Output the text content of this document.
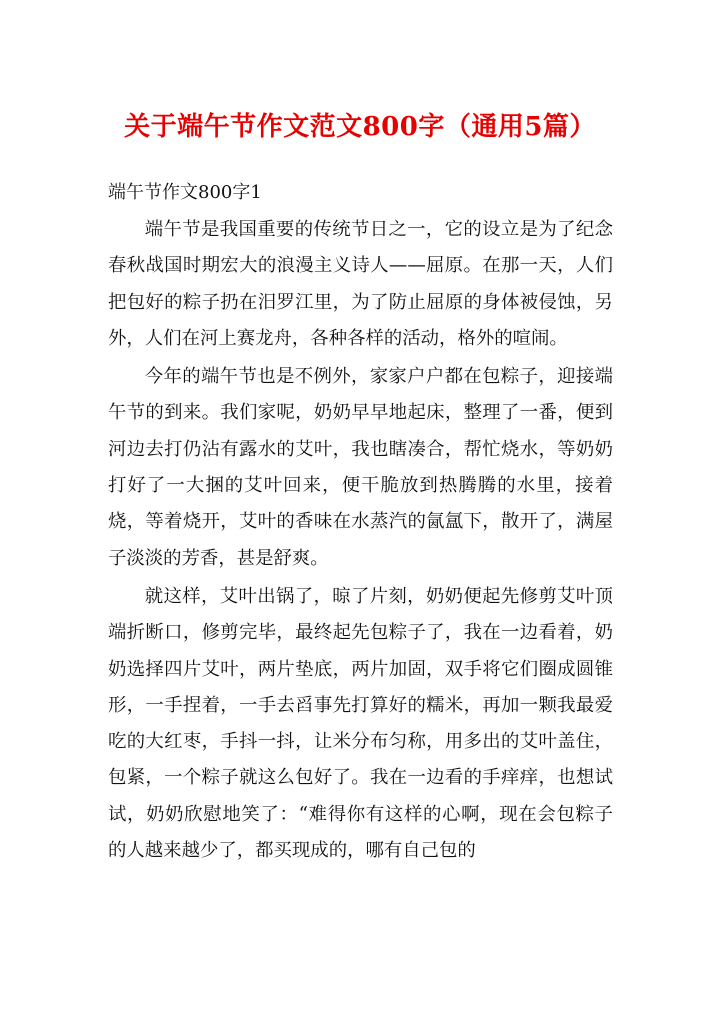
关于端午节作文范文800字（通用5篇）
端午节作文800字1

端午节是我国重要的传统节日之一，它的设立是为了纪念春秋战国时期宏大的浪漫主义诗人——屈原。在那一天，人们把包好的粽子扔在汨罗江里，为了防止屈原的身体被侵蚀，另外，人们在河上赛龙舟，各种各样的活动，格外的喧闹。

今年的端午节也是不例外，家家户户都在包粽子，迎接端午节的到来。我们家呢，奶奶早早地起床，整理了一番，便到河边去打仍沾有露水的艾叶，我也瞎凑合，帮忙烧水，等奶奶打好了一大捆的艾叶回来，便干脆放到热腾腾的水里，接着烧，等着烧开，艾叶的香味在水蒸汽的氤氲下，散开了，满屋子淡淡的芳香，甚是舒爽。

就这样，艾叶出锅了，晾了片刻，奶奶便起先修剪艾叶顶端折断口，修剪完毕，最终起先包粽子了，我在一边看着，奶奶选择四片艾叶，两片垫底，两片加固，双手将它们圈成圆锥形，一手捏着，一手去舀事先打算好的糯米，再加一颗我最爱吃的大红枣，手抖一抖，让米分布匀称，用多出的艾叶盖住，包紧，一个粽子就这么包好了。我在一边看的手痒痒，也想试试，奶奶欣慰地笑了：“难得你有这样的心啊，现在会包粽子的人越来越少了，都买现成的，哪有自己包的
